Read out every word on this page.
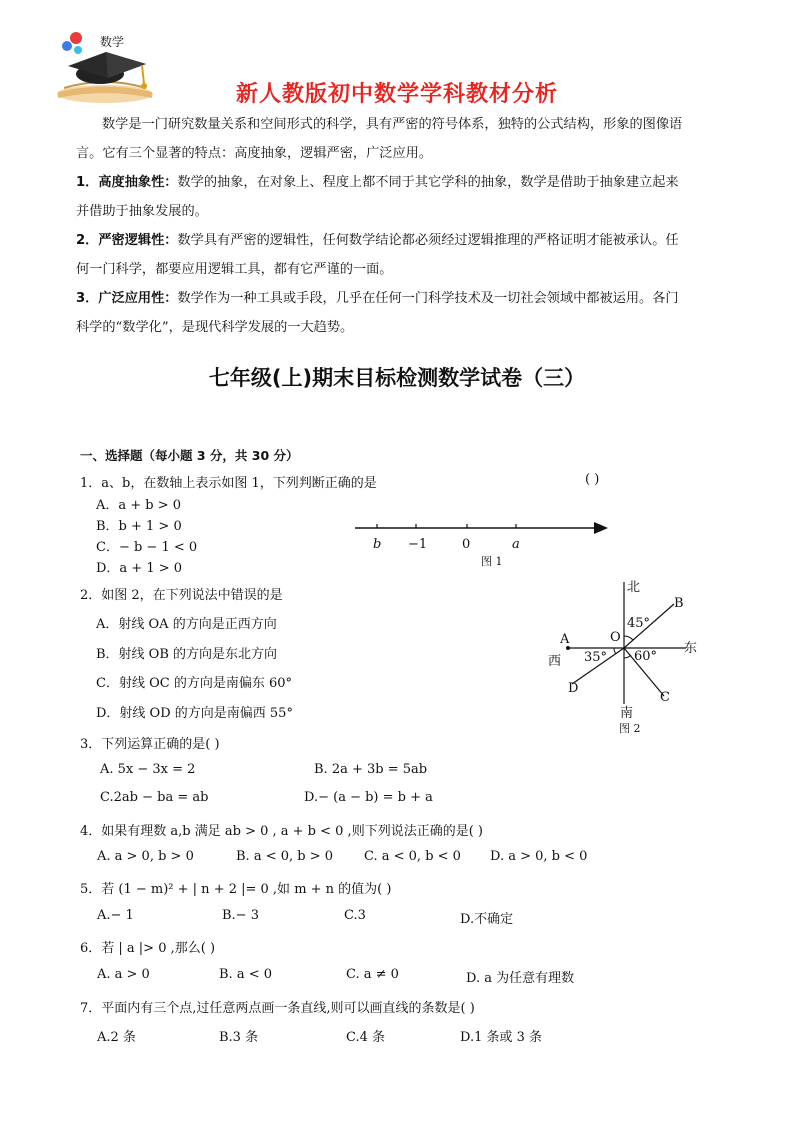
数学
新人教版初中数学学科教材分析
数学是一门研究数量关系和空间形式的科学，具有严密的符号体系，独特的公式结构，形象的图像语
言。它有三个显著的特点：高度抽象，逻辑严密，广泛应用。
1．高度抽象性：数学的抽象，在对象上、程度上都不同于其它学科的抽象，数学是借助于抽象建立起来
并借助于抽象发展的。
2．严密逻辑性：数学具有严密的逻辑性，任何数学结论都必须经过逻辑推理的严格证明才能被承认。任
何一门科学，都要应用逻辑工具，都有它严谨的一面。
3．广泛应用性：数学作为一种工具或手段，几乎在任何一门科学技术及一切社会领域中都被运用。各门
科学的“数学化”，是现代科学发展的一大趋势。
七年级(上)期末目标检测数学试卷（三）
一、选择题（每小题 3 分，共 30 分）
1．a、b，在数轴上表示如图 1，下列判断正确的是	( )
A．a + b > 0
B．b + 1 > 0
C．− b − 1 < 0
D．a + 1 > 0
b −1	0	a
图 1
2．如图 2，在下列说法中错误的是
A．射线 OA 的方向是正西方向
B．射线 OB 的方向是东北方向
C．射线 OC 的方向是南偏东 60°
D．射线 OD 的方向是南偏西 55°
北
B
45°
A	O
东
西 35° 60°
D
C
南
图 2
3．下列运算正确的是( )
A. 5x − 3x = 2	B. 2a + 3b = 5ab
C.2ab − ba = ab	D.− (a − b) = b + a
4．如果有理数 a,b 满足 ab > 0 , a + b < 0 ,则下列说法正确的是( )
A. a > 0, b > 0	B. a < 0, b > 0 C. a < 0, b < 0 D. a > 0, b < 0
5．若 (1 − m)² + | n + 2 |= 0 ,如 m + n 的值为( )
A.− 1	B.− 3	C.3	D.不确定
6．若 | a |> 0 ,那么( )
A. a > 0	B. a < 0	C. a ≠ 0	D. a 为任意有理数
7．平面内有三个点,过任意两点画一条直线,则可以画直线的条数是( )
A.2 条	B.3 条	C.4 条	D.1 条或 3 条
